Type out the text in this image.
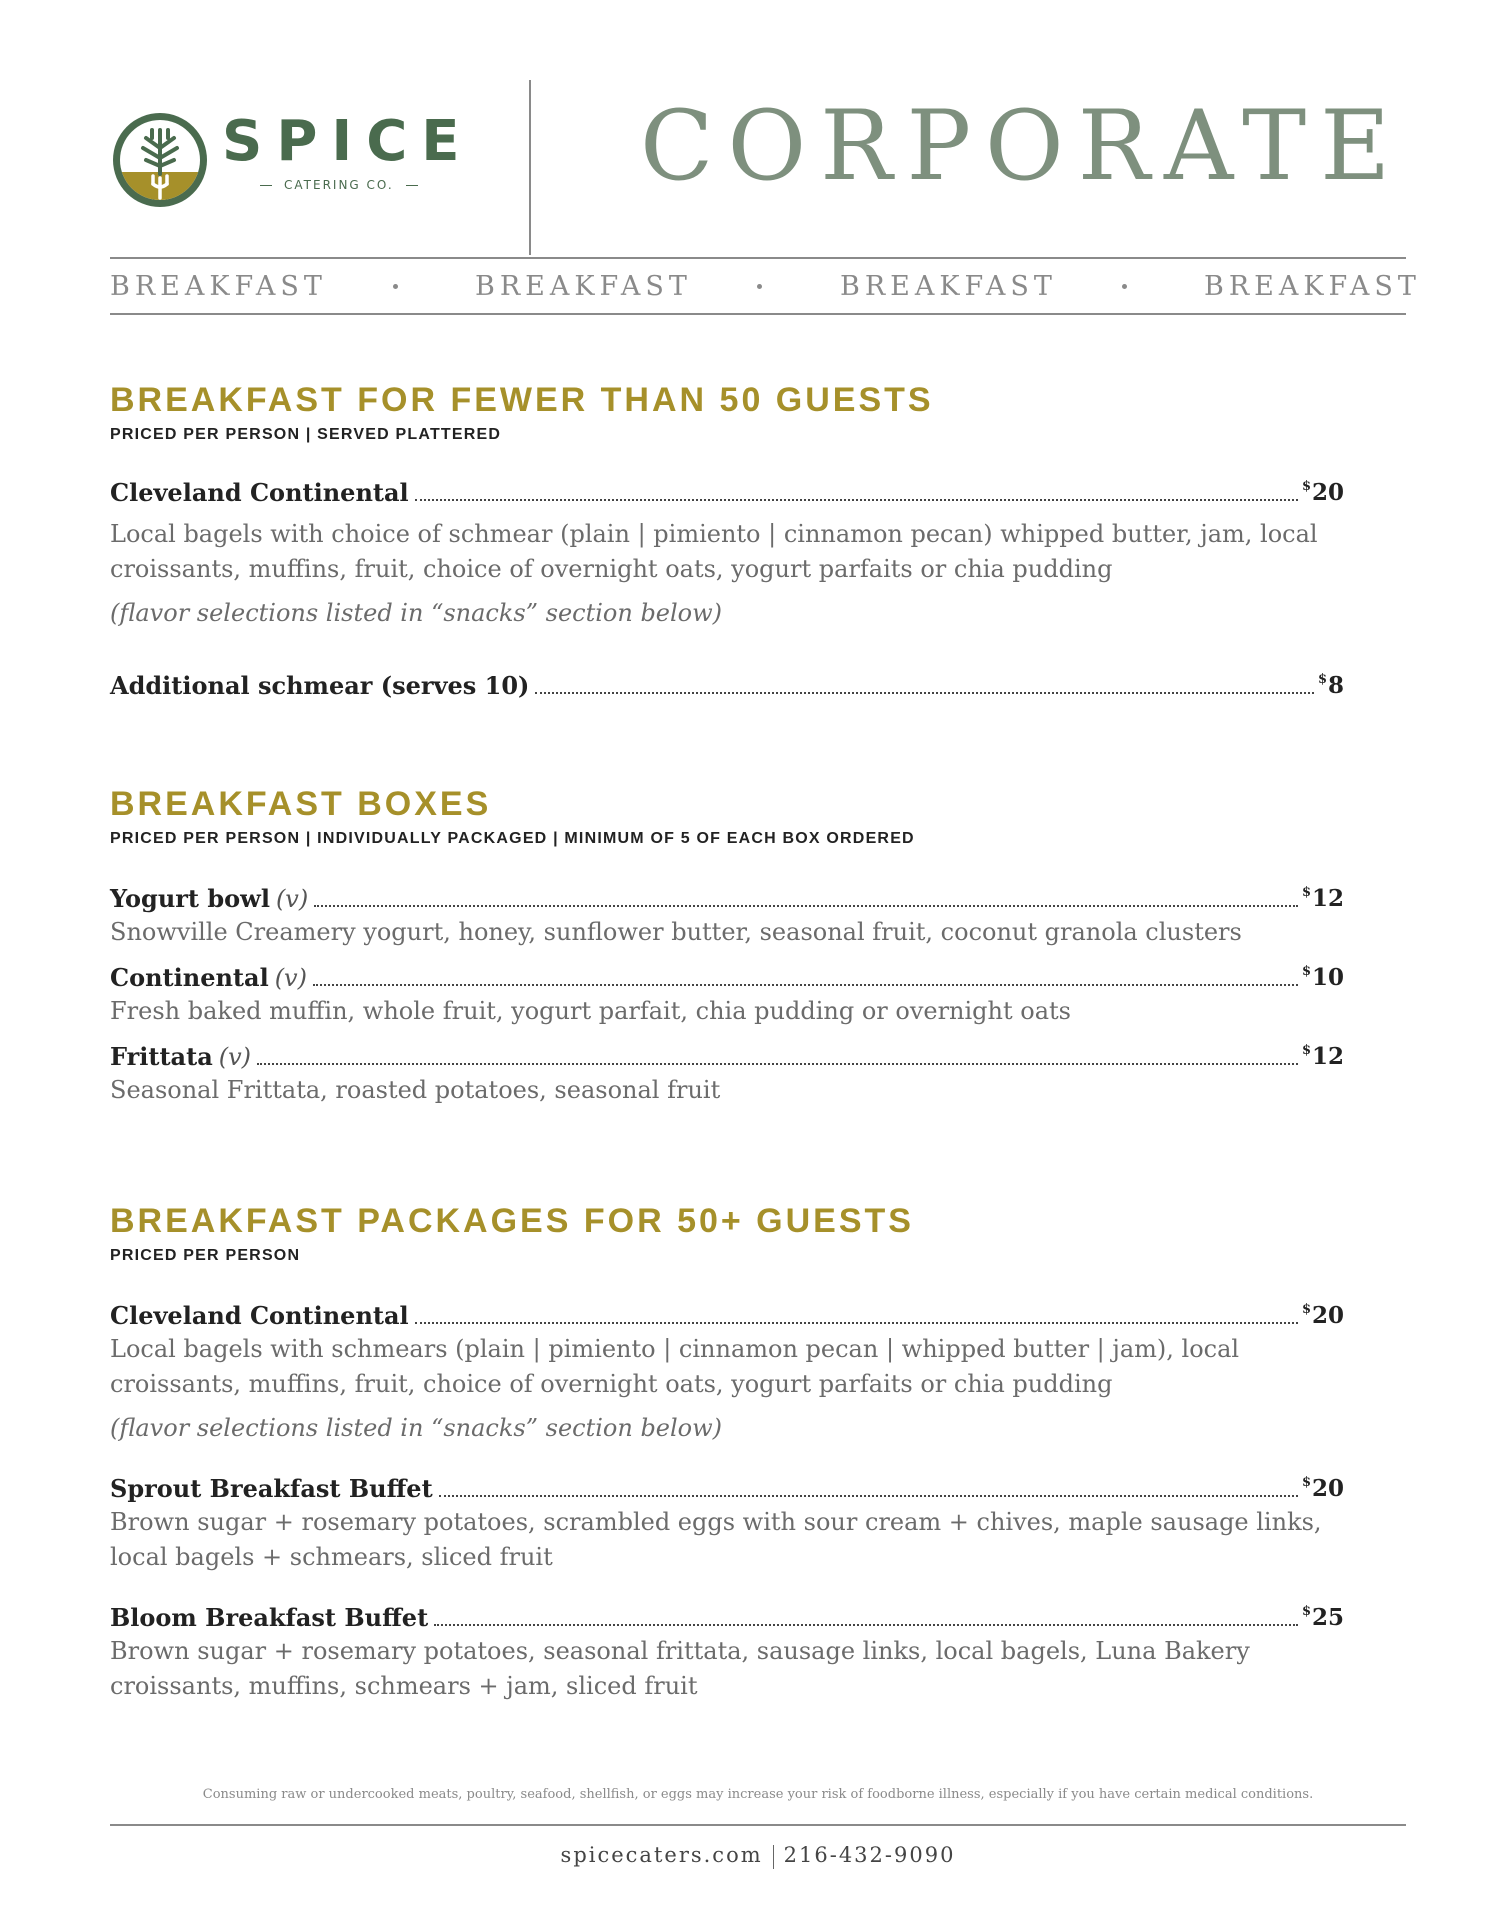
SPICE
CATERING CO.	CORPORATE
BREAKFAST	BREAKFAST	BREAKFAST	BREAKFAST
BREAKFAST FOR FEWER THAN 50 GUESTS
PRICED PER PERSON | SERVED PLATTERED
Cleveland Continental	$20
Local bagels with choice of schmear (plain | pimiento | cinnamon pecan) whipped butter, jam, local croissants, muffins, fruit, choice of overnight oats, yogurt parfaits or chia pudding
(flavor selections listed in “snacks” section below)
Additional schmear (serves 10)	$8
BREAKFAST BOXES
PRICED PER PERSON | INDIVIDUALLY PACKAGED | MINIMUM OF 5 OF EACH BOX ORDERED
Yogurt bowl (v)	$12
Snowville Creamery yogurt, honey, sunflower butter, seasonal fruit, coconut granola clusters
Continental (v)	$10
Fresh baked muffin, whole fruit, yogurt parfait, chia pudding or overnight oats
Frittata (v)	$12
Seasonal Frittata, roasted potatoes, seasonal fruit
BREAKFAST PACKAGES FOR 50+ GUESTS
PRICED PER PERSON
Cleveland Continental	$20
Local bagels with schmears (plain | pimiento | cinnamon pecan | whipped butter | jam), local croissants, muffins, fruit, choice of overnight oats, yogurt parfaits or chia pudding
(flavor selections listed in “snacks” section below)
Sprout Breakfast Buffet	$20
Brown sugar + rosemary potatoes, scrambled eggs with sour cream + chives, maple sausage links, local bagels + schmears, sliced fruit
Bloom Breakfast Buffet	$25
Brown sugar + rosemary potatoes, seasonal frittata, sausage links, local bagels, Luna Bakery croissants, muffins, schmears + jam, sliced fruit
Consuming raw or undercooked meats, poultry, seafood, shellfish, or eggs may increase your risk of foodborne illness, especially if you have certain medical conditions.
spicecaters.com 216-432-9090
